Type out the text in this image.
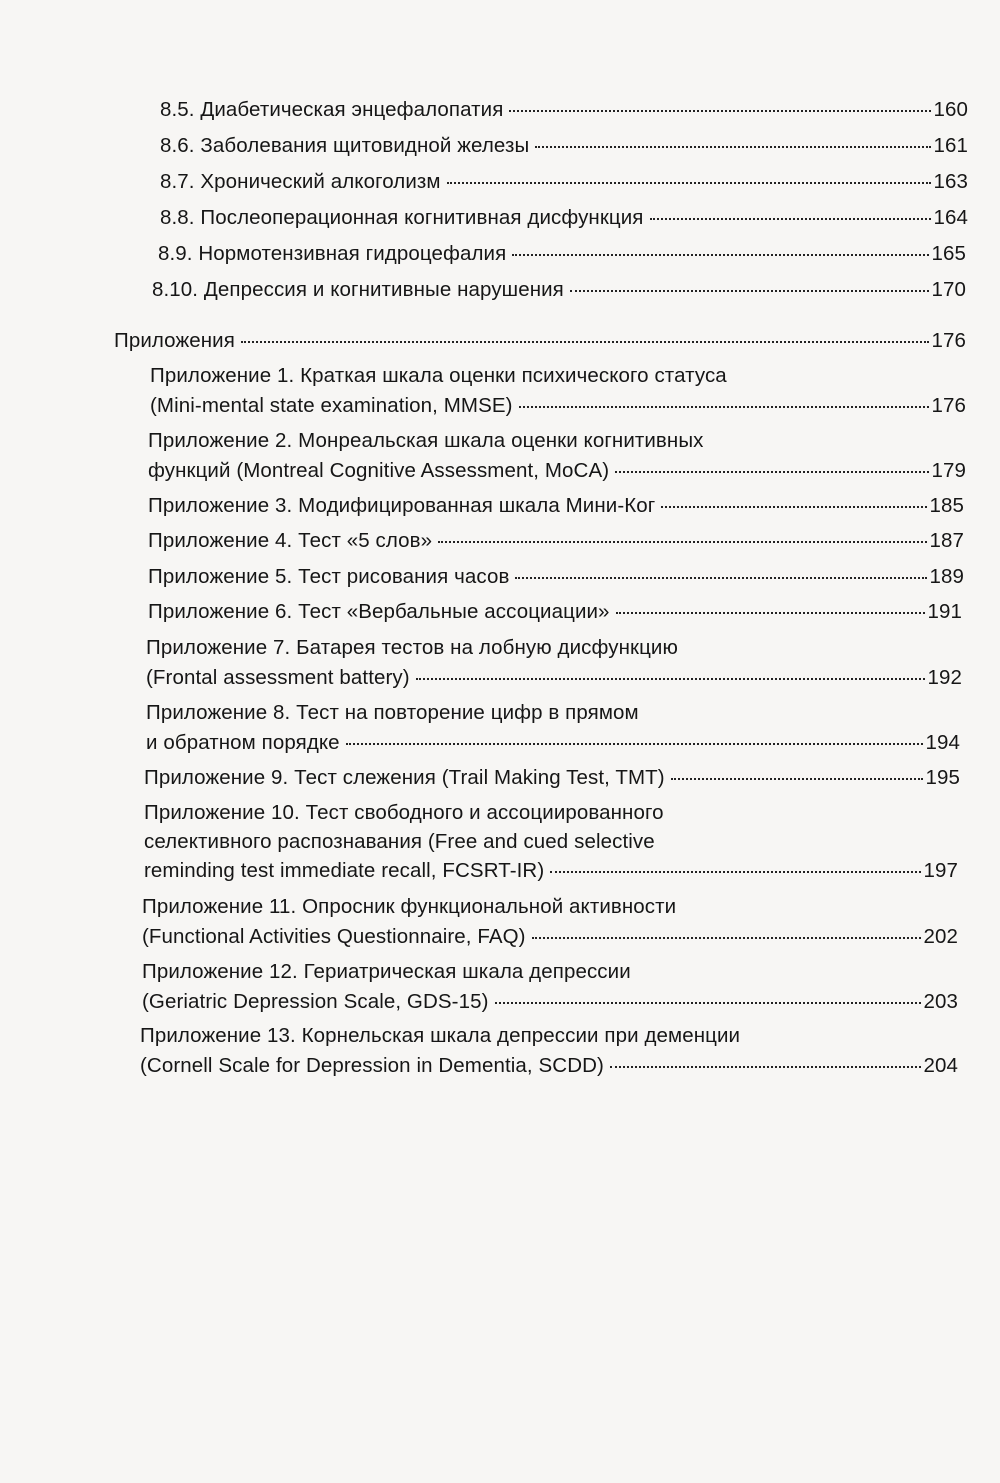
8.5. Диабетическая энцефалопатия	160
8.6. Заболевания щитовидной железы	161
8.7. Хронический алкоголизм	163
8.8. Послеоперационная когнитивная дисфункция	164
8.9. Нормотензивная гидроцефалия	165
8.10. Депрессия и когнитивные нарушения	170
Приложения	176
Приложение 1. Краткая шкала оценки психического статуса
(Mini-mental state examination, MMSE)	176
Приложение 2. Монреальская шкала оценки когнитивных
функций (Montreal Cognitive Assessment, MoCA)	179
Приложение 3. Модифицированная шкала Мини-Ког	185
Приложение 4. Тест «5 слов»	187
Приложение 5. Тест рисования часов	189
Приложение 6. Тест «Вербальные ассоциации»	191
Приложение 7. Батарея тестов на лобную дисфункцию
(Frontal assessment battery)	192
Приложение 8. Тест на повторение цифр в прямом
и обратном порядке	194
Приложение 9. Тест слежения (Trail Making Test, TMT)	195
Приложение 10. Тест свободного и ассоциированного
селективного распознавания (Free and cued selective
reminding test immediate recall, FCSRT-IR)	197
Приложение 11. Опросник функциональной активности
(Functional Activities Questionnaire, FAQ)	202
Приложение 12. Гериатрическая шкала депрессии
(Geriatric Depression Scale, GDS-15)	203
Приложение 13. Корнельская шкала депрессии при деменции
(Cornell Scale for Depression in Dementia, SCDD)	204
